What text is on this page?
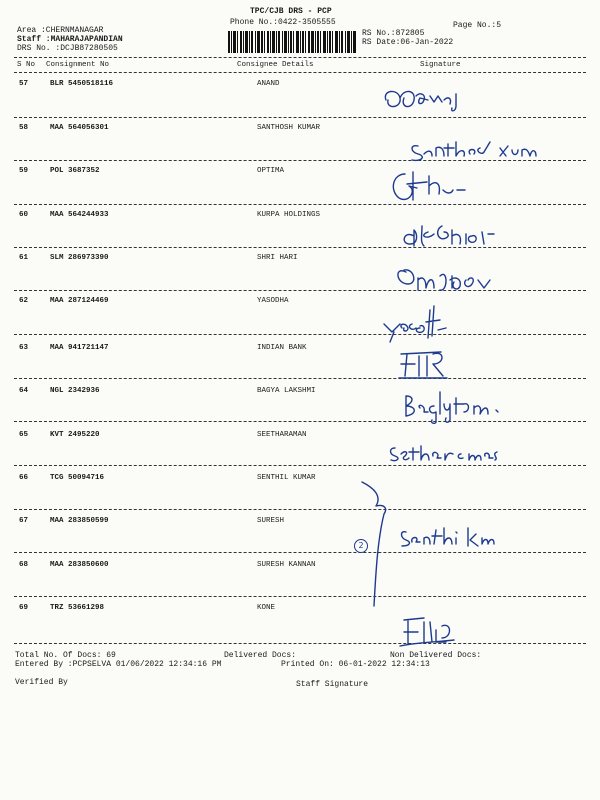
TPC/CJB DRS - PCP
Phone No.:0422-3505555
Area :CHERNMANAGAR
Staff :MAHARAJAPANDIAN
DRS No. :DCJB87280505
RS No.:872805
RS Date:06-Jan-2022
Page No.:5
S No Consignment No	Consignee Details	Signature
57	BLR 5450518116	ANAND
58	MAA 564056301	SANTHOSH KUMAR
59	POL 3687352	OPTIMA
60	MAA 564244933	KURPA HOLDINGS
61	SLM 286973390	SHRI HARI
62	MAA 287124469	YASODHA
63	MAA 941721147	INDIAN BANK
64	NGL 2342936	BAGYA LAKSHMI
65	KVT 2495220	SEETHARAMAN
66	TCG 50094716	SENTHIL KUMAR
67	MAA 283850599	SURESH
68	MAA 283850600	SURESH KANNAN
69	TRZ 53661298	KONE
2
Total No. Of Docs: 69	Delivered Docs:	Non Delivered Docs:
Entered By :PCPSELVA 01/06/2022 12:34:16 PM	Printed On: 06-01-2022 12:34:13
Verified By	Staff Signature
